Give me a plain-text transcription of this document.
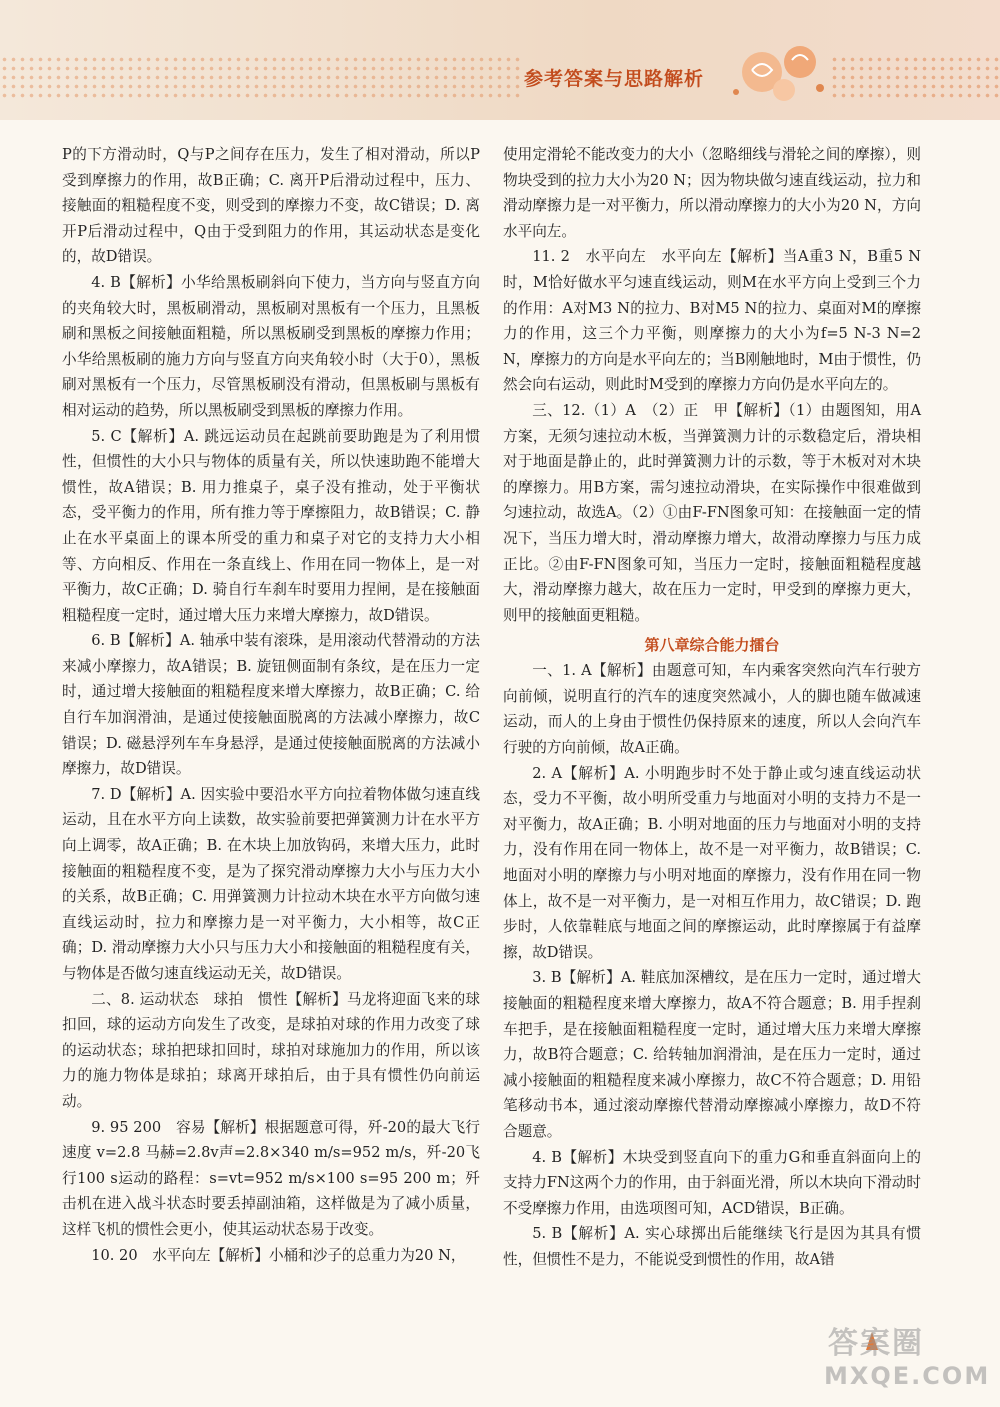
参考答案与思路解析

P的下方滑动时，Q与P之间存在压力，发生了相对滑动，所以P受到摩擦力的作用，故B正确；C. 离开P后滑动过程中，压力、接触面的粗糙程度不变，则受到的摩擦力不变，故C错误；D. 离开P后滑动过程中，Q由于受到阻力的作用，其运动状态是变化的，故D错误。

4. B【解析】小华给黑板刷斜向下使力，当方向与竖直方向的夹角较大时，黑板刷滑动，黑板刷对黑板有一个压力，且黑板刷和黑板之间接触面粗糙，所以黑板刷受到黑板的摩擦力作用；小华给黑板刷的施力方向与竖直方向夹角较小时（大于0），黑板刷对黑板有一个压力，尽管黑板刷没有滑动，但黑板刷与黑板有相对运动的趋势，所以黑板刷受到黑板的摩擦力作用。

5. C【解析】A. 跳远运动员在起跳前要助跑是为了利用惯性，但惯性的大小只与物体的质量有关，所以快速助跑不能增大惯性，故A错误；B. 用力推桌子，桌子没有推动，处于平衡状态，受平衡力的作用，所有推力等于摩擦阻力，故B错误；C. 静止在水平桌面上的课本所受的重力和桌子对它的支持力大小相等、方向相反、作用在一条直线上、作用在同一物体上，是一对平衡力，故C正确；D. 骑自行车刹车时要用力捏闸，是在接触面粗糙程度一定时，通过增大压力来增大摩擦力，故D错误。

6. B【解析】A. 轴承中装有滚珠，是用滚动代替滑动的方法来减小摩擦力，故A错误；B. 旋钮侧面制有条纹，是在压力一定时，通过增大接触面的粗糙程度来增大摩擦力，故B正确；C. 给自行车加润滑油，是通过使接触面脱离的方法减小摩擦力，故C错误；D. 磁悬浮列车车身悬浮，是通过使接触面脱离的方法减小摩擦力，故D错误。

7. D【解析】A. 因实验中要沿水平方向拉着物体做匀速直线运动，且在水平方向上读数，故实验前要把弹簧测力计在水平方向上调零，故A正确；B. 在木块上加放钩码，来增大压力，此时接触面的粗糙程度不变，是为了探究滑动摩擦力大小与压力大小的关系，故B正确；C. 用弹簧测力计拉动木块在水平方向做匀速直线运动时，拉力和摩擦力是一对平衡力，大小相等，故C正确；D. 滑动摩擦力大小只与压力大小和接触面的粗糙程度有关，与物体是否做匀速直线运动无关，故D错误。

二、8. 运动状态　球拍　惯性【解析】马龙将迎面飞来的球扣回，球的运动方向发生了改变，是球拍对球的作用力改变了球的运动状态；球拍把球扣回时，球拍对球施加力的作用，所以该力的施力物体是球拍；球离开球拍后，由于具有惯性仍向前运动。

9. 95 200　容易【解析】根据题意可得，歼-20的最大飞行速度 v=2.8 马赫=2.8v声=2.8×340 m/s=952 m/s，歼-20飞行100 s运动的路程：s=vt=952 m/s×100 s=95 200 m；歼击机在进入战斗状态时要丢掉副油箱，这样做是为了减小质量，这样飞机的惯性会更小，使其运动状态易于改变。

10. 20　水平向左【解析】小桶和沙子的总重力为20 N，

使用定滑轮不能改变力的大小（忽略细线与滑轮之间的摩擦），则物块受到的拉力大小为20 N；因为物块做匀速直线运动，拉力和滑动摩擦力是一对平衡力，所以滑动摩擦力的大小为20 N，方向水平向左。

11. 2　水平向左　水平向左【解析】当A重3 N，B重5 N时，M恰好做水平匀速直线运动，则M在水平方向上受到三个力的作用：A对M3 N的拉力、B对M5 N的拉力、桌面对M的摩擦力的作用，这三个力平衡，则摩擦力的大小为f=5 N-3 N=2 N，摩擦力的方向是水平向左的；当B刚触地时，M由于惯性，仍然会向右运动，则此时M受到的摩擦力方向仍是水平向左的。

三、12.（1）A　（2）正　甲【解析】（1）由题图知，用A方案，无须匀速拉动木板，当弹簧测力计的示数稳定后，滑块相对于地面是静止的，此时弹簧测力计的示数，等于木板对对木块的摩擦力。用B方案，需匀速拉动滑块，在实际操作中很难做到匀速拉动，故选A。（2）①由F-FN图象可知：在接触面一定的情况下，当压力增大时，滑动摩擦力增大，故滑动摩擦力与压力成正比。②由F-FN图象可知，当压力一定时，接触面粗糙程度越大，滑动摩擦力越大，故在压力一定时，甲受到的摩擦力更大，则甲的接触面更粗糙。

第八章综合能力擂台

一、1. A【解析】由题意可知，车内乘客突然向汽车行驶方向前倾，说明直行的汽车的速度突然减小，人的脚也随车做减速运动，而人的上身由于惯性仍保持原来的速度，所以人会向汽车行驶的方向前倾，故A正确。

2. A【解析】A. 小明跑步时不处于静止或匀速直线运动状态，受力不平衡，故小明所受重力与地面对小明的支持力不是一对平衡力，故A正确；B. 小明对地面的压力与地面对小明的支持力，没有作用在同一物体上，故不是一对平衡力，故B错误；C. 地面对小明的摩擦力与小明对地面的摩擦力，没有作用在同一物体上，故不是一对平衡力，是一对相互作用力，故C错误；D. 跑步时，人依靠鞋底与地面之间的摩擦运动，此时摩擦属于有益摩擦，故D错误。

3. B【解析】A. 鞋底加深槽纹，是在压力一定时，通过增大接触面的粗糙程度来增大摩擦力，故A不符合题意；B. 用手捏刹车把手，是在接触面粗糙程度一定时，通过增大压力来增大摩擦力，故B符合题意；C. 给转轴加润滑油，是在压力一定时，通过减小接触面的粗糙程度来减小摩擦力，故C不符合题意；D. 用铅笔移动书本，通过滚动摩擦代替滑动摩擦减小摩擦力，故D不符合题意。

4. B【解析】木块受到竖直向下的重力G和垂直斜面向上的支持力FN这两个力的作用，由于斜面光滑，所以木块向下滑动时不受摩擦力作用，由选项图可知，ACD错误，B正确。

5. B【解析】A. 实心球掷出后能继续飞行是因为其具有惯性，但惯性不是力，不能说受到惯性的作用，故A错

答案圈
MXQE.COM
